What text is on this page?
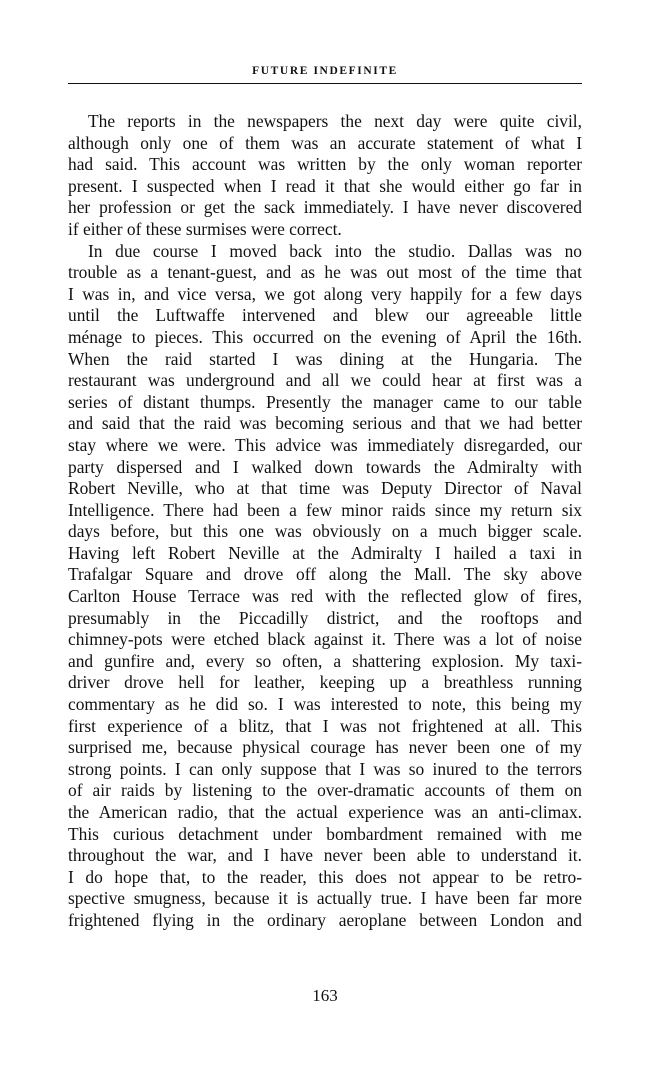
FUTURE INDEFINITE
The reports in the newspapers the next day were quite civil,
although only one of them was an accurate statement of what I
had said. This account was written by the only woman reporter
present. I suspected when I read it that she would either go far in
her profession or get the sack immediately. I have never discovered
if either of these surmises were correct.
In due course I moved back into the studio. Dallas was no
trouble as a tenant-guest, and as he was out most of the time that
I was in, and vice versa, we got along very happily for a few days
until the Luftwaffe intervened and blew our agreeable little
ménage to pieces. This occurred on the evening of April the 16th.
When the raid started I was dining at the Hungaria. The
restaurant was underground and all we could hear at first was a
series of distant thumps. Presently the manager came to our table
and said that the raid was becoming serious and that we had better
stay where we were. This advice was immediately disregarded, our
party dispersed and I walked down towards the Admiralty with
Robert Neville, who at that time was Deputy Director of Naval
Intelligence. There had been a few minor raids since my return six
days before, but this one was obviously on a much bigger scale.
Having left Robert Neville at the Admiralty I hailed a taxi in
Trafalgar Square and drove off along the Mall. The sky above
Carlton House Terrace was red with the reflected glow of fires,
presumably in the Piccadilly district, and the rooftops and
chimney-pots were etched black against it. There was a lot of noise
and gunfire and, every so often, a shattering explosion. My taxi-
driver drove hell for leather, keeping up a breathless running
commentary as he did so. I was interested to note, this being my
first experience of a blitz, that I was not frightened at all. This
surprised me, because physical courage has never been one of my
strong points. I can only suppose that I was so inured to the terrors
of air raids by listening to the over-dramatic accounts of them on
the American radio, that the actual experience was an anti-climax.
This curious detachment under bombardment remained with me
throughout the war, and I have never been able to understand it.
I do hope that, to the reader, this does not appear to be retro-
spective smugness, because it is actually true. I have been far more
frightened flying in the ordinary aeroplane between London and
163
